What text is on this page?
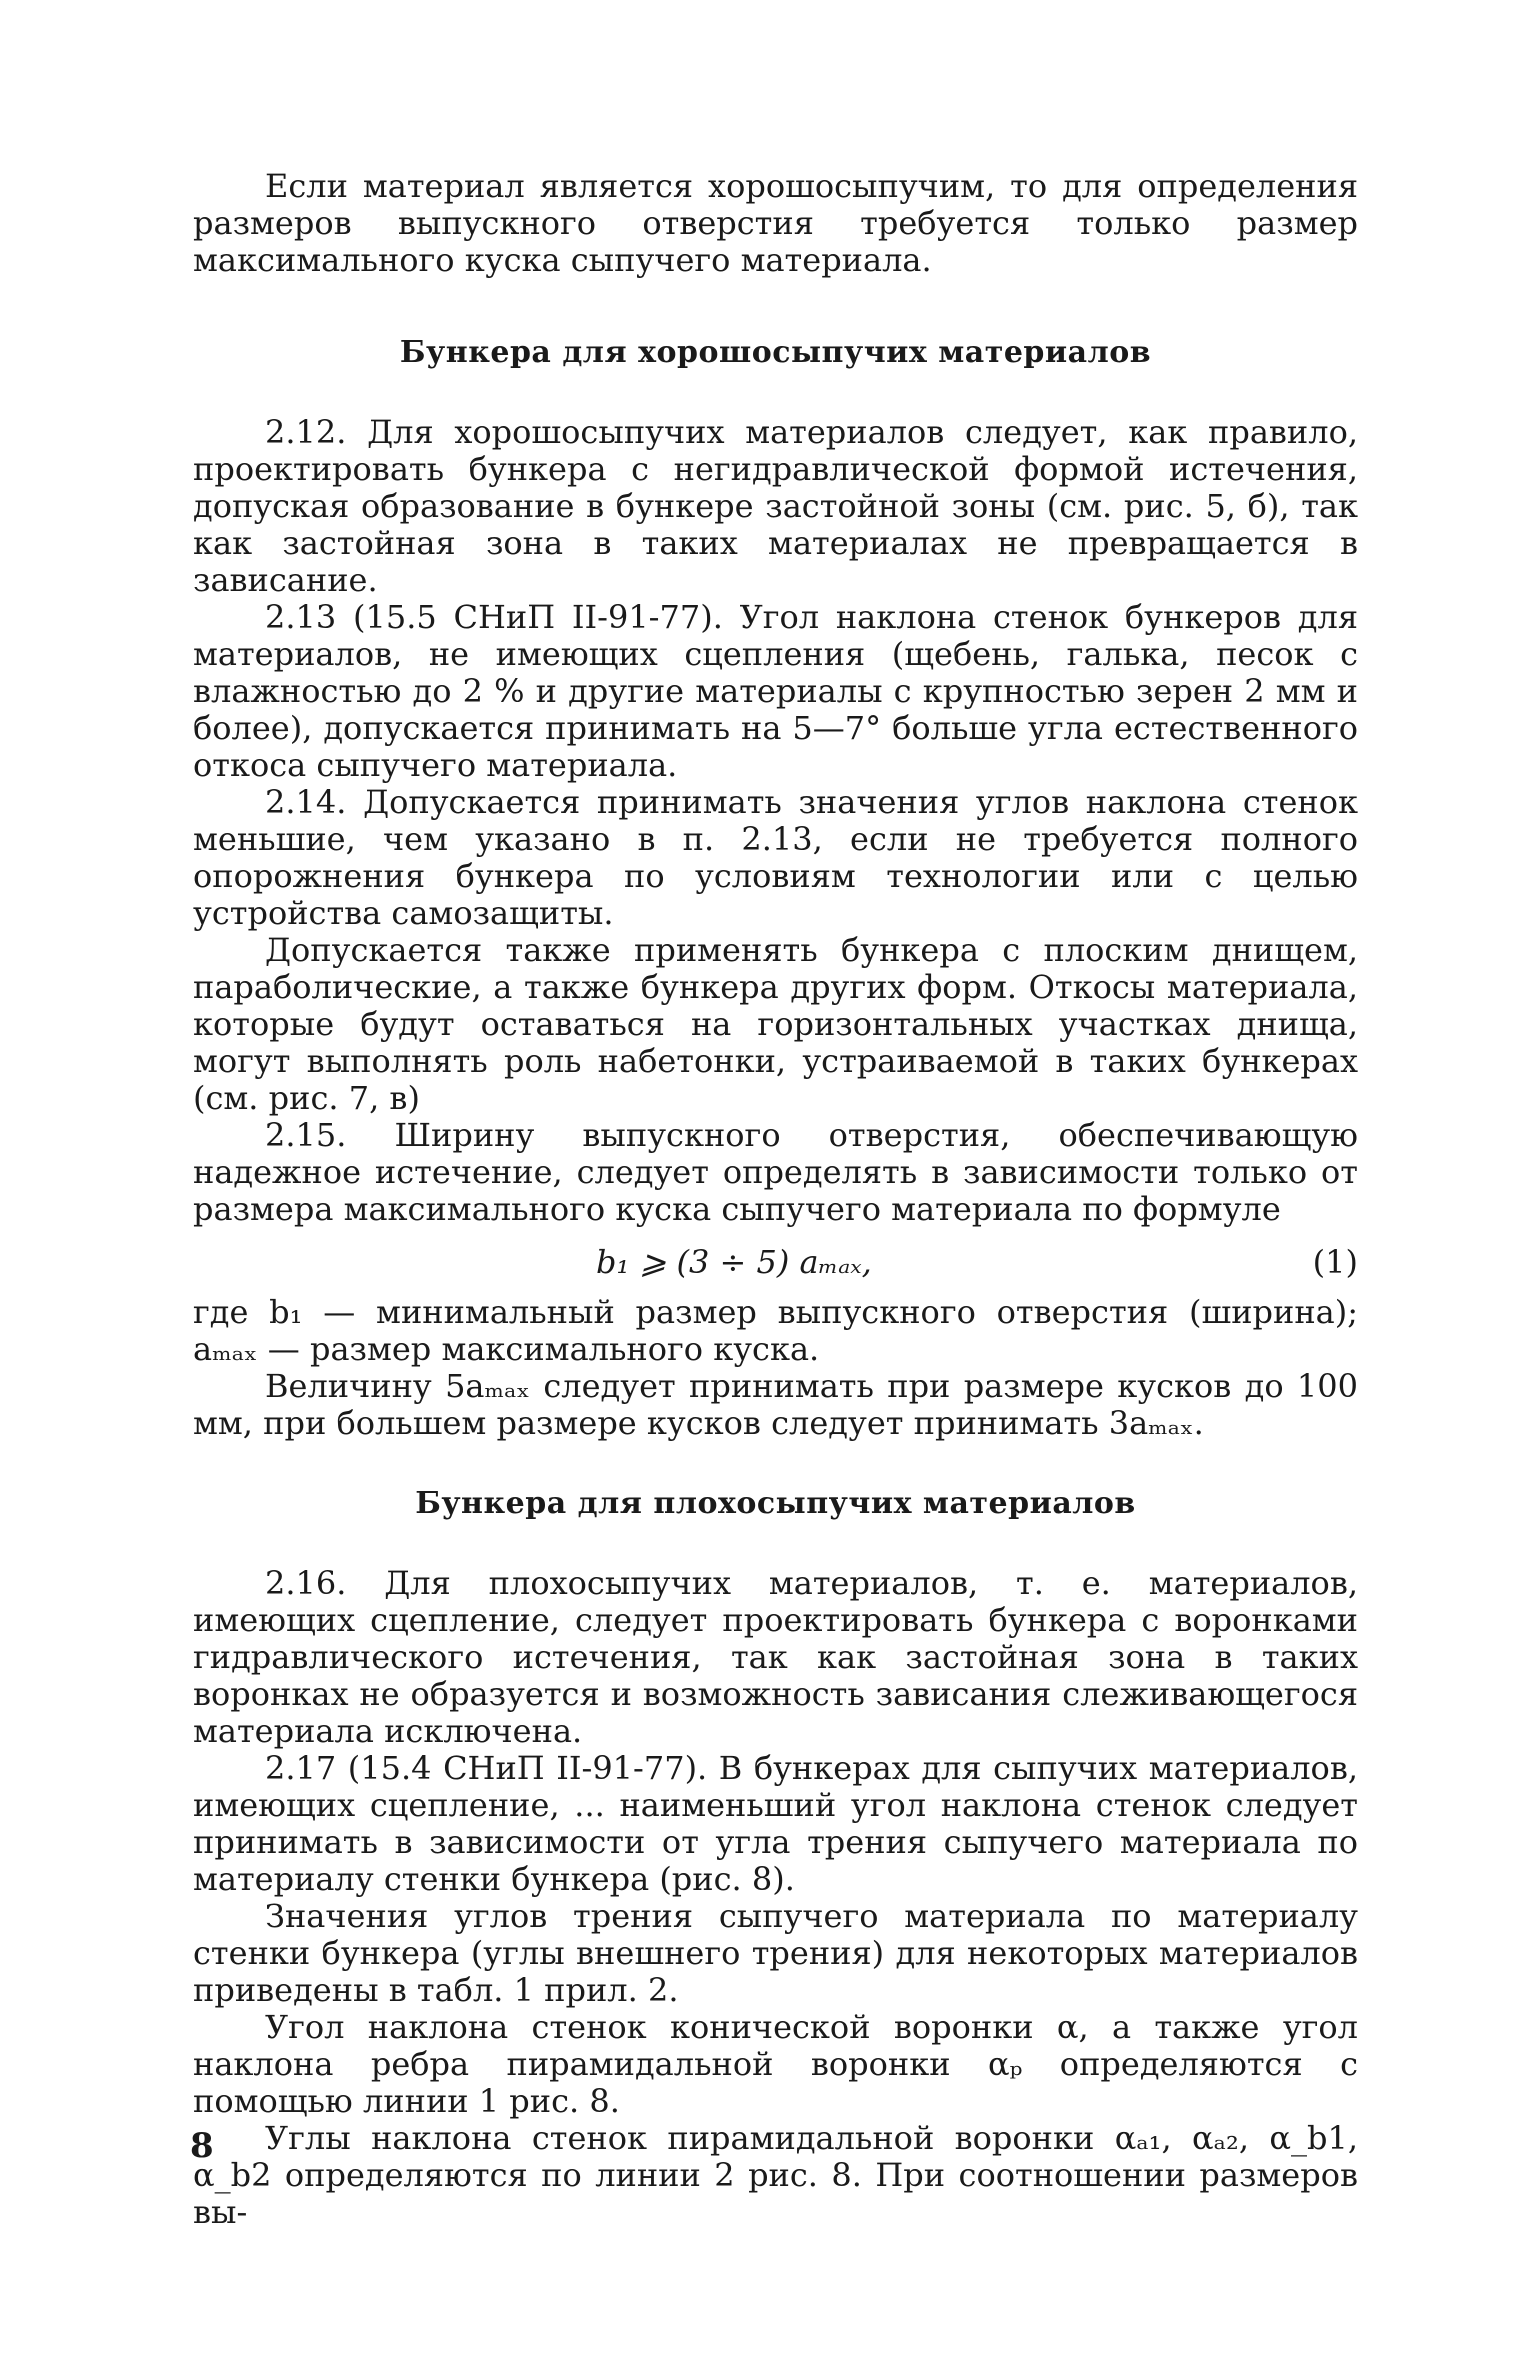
Если материал является хорошосыпучим, то для определения размеров выпускного отверстия требуется только размер максимального куска сыпучего материала.

Бункера для хорошосыпучих материалов

2.12. Для хорошосыпучих материалов следует, как правило, проектировать бункера с негидравлической формой истечения, допуская образование в бункере застойной зоны (см. рис. 5, б), так как застойная зона в таких материалах не превращается в зависание.

2.13 (15.5 СНиП II-91-77). Угол наклона стенок бункеров для материалов, не имеющих сцепления (щебень, галька, песок с влажностью до 2 % и другие материалы с крупностью зерен 2 мм и более), допускается принимать на 5—7° больше угла естественного откоса сыпучего материала.

2.14. Допускается принимать значения углов наклона стенок меньшие, чем указано в п. 2.13, если не требуется полного опорожнения бункера по условиям технологии или с целью устройства самозащиты.

Допускается также применять бункера с плоским днищем, параболические, а также бункера других форм. Откосы материала, которые будут оставаться на горизонтальных участках днища, могут выполнять роль набетонки, устраиваемой в таких бункерах (см. рис. 7, в)

2.15. Ширину выпускного отверстия, обеспечивающую надежное истечение, следует определять в зависимости только от размера максимального куска сыпучего материала по формуле

b₁ ⩾ (3 ÷ 5) aₘₐₓ,	(1)

где b₁ — минимальный размер выпускного отверстия (ширина); aₘₐₓ — размер максимального куска.

Величину 5aₘₐₓ следует принимать при размере кусков до 100 мм, при большем размере кусков следует принимать 3aₘₐₓ.

Бункера для плохосыпучих материалов

2.16. Для плохосыпучих материалов, т. е. материалов, имеющих сцепление, следует проектировать бункера с воронками гидравлического истечения, так как застойная зона в таких воронках не образуется и возможность зависания слеживающегося материала исключена.

2.17 (15.4 СНиП II-91-77). В бункерах для сыпучих материалов, имеющих сцепление, ... наименьший угол наклона стенок следует принимать в зависимости от угла трения сыпучего материала по материалу стенки бункера (рис. 8).

Значения углов трения сыпучего материала по материалу стенки бункера (углы внешнего трения) для некоторых материалов приведены в табл. 1 прил. 2.

Угол наклона стенок конической воронки α, а также угол наклона ребра пирамидальной воронки αₚ определяются с помощью линии 1 рис. 8.

Углы наклона стенок пирамидальной воронки αₐ₁, αₐ₂, α_b1, α_b2 определяются по линии 2 рис. 8. При соотношении размеров вы-

8
